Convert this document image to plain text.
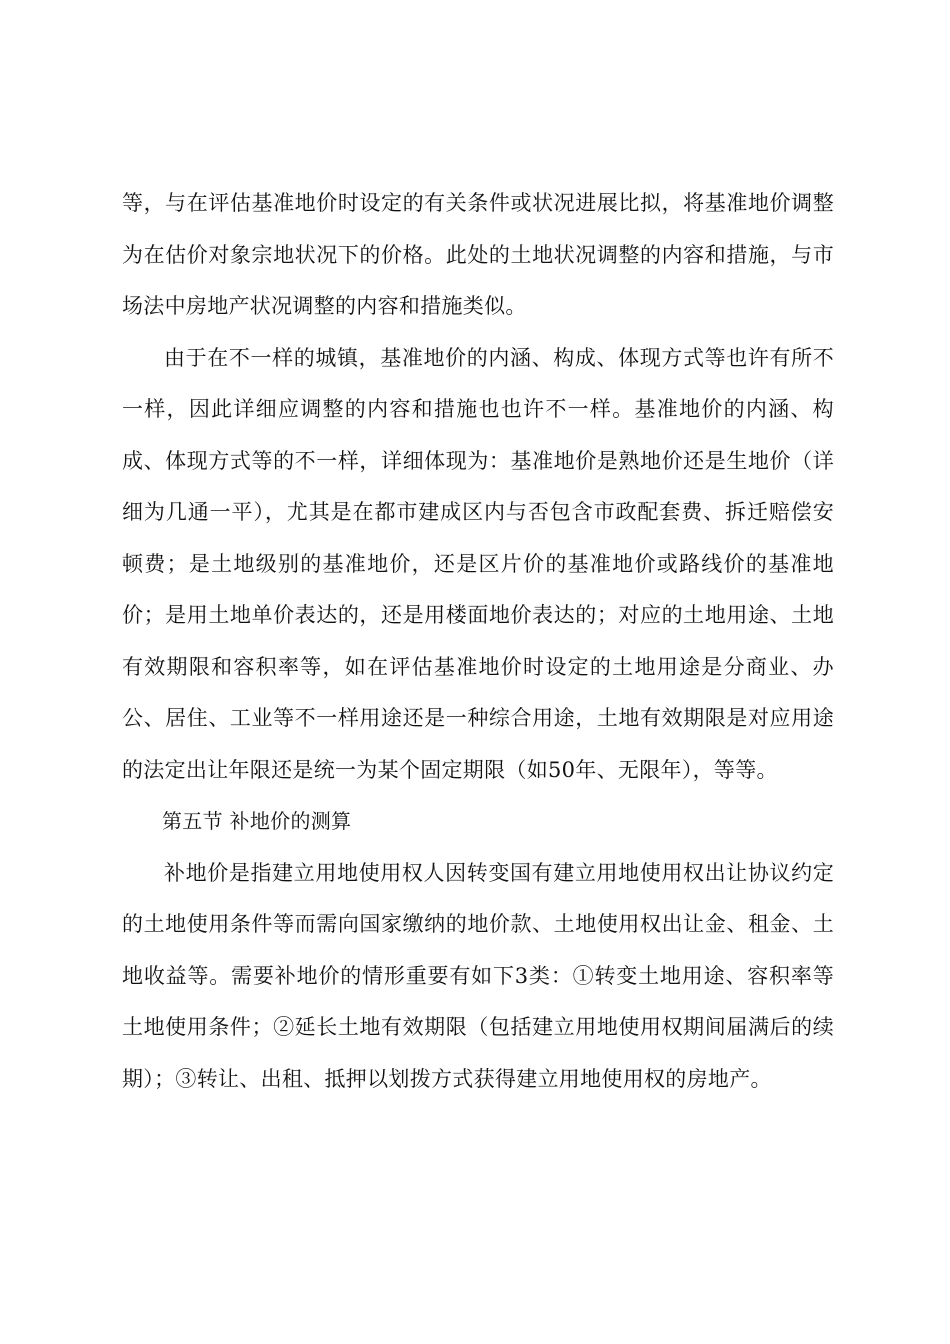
等，与在评估基准地价时设定的有关条件或状况进展比拟，将基准地价调整为在估价对象宗地状况下的价格。此处的土地状况调整的内容和措施，与市场法中房地产状况调整的内容和措施类似。

由于在不一样的城镇，基准地价的内涵、构成、体现方式等也许有所不一样，因此详细应调整的内容和措施也也许不一样。基准地价的内涵、构成、体现方式等的不一样，详细体现为：基准地价是熟地价还是生地价（详细为几通一平），尤其是在都市建成区内与否包含市政配套费、拆迁赔偿安顿费；是土地级别的基准地价，还是区片价的基准地价或路线价的基准地价；是用土地单价表达的，还是用楼面地价表达的；对应的土地用途、土地有效期限和容积率等，如在评估基准地价时设定的土地用途是分商业、办公、居住、工业等不一样用途还是一种综合用途，土地有效期限是对应用途的法定出让年限还是统一为某个固定期限（如50年、无限年），等等。

第五节 补地价的测算

补地价是指建立用地使用权人因转变国有建立用地使用权出让协议约定的土地使用条件等而需向国家缴纳的地价款、土地使用权出让金、租金、土地收益等。需要补地价的情形重要有如下3类：①转变土地用途、容积率等土地使用条件；②延长土地有效期限（包括建立用地使用权期间届满后的续期）；③转让、出租、抵押以划拨方式获得建立用地使用权的房地产。
